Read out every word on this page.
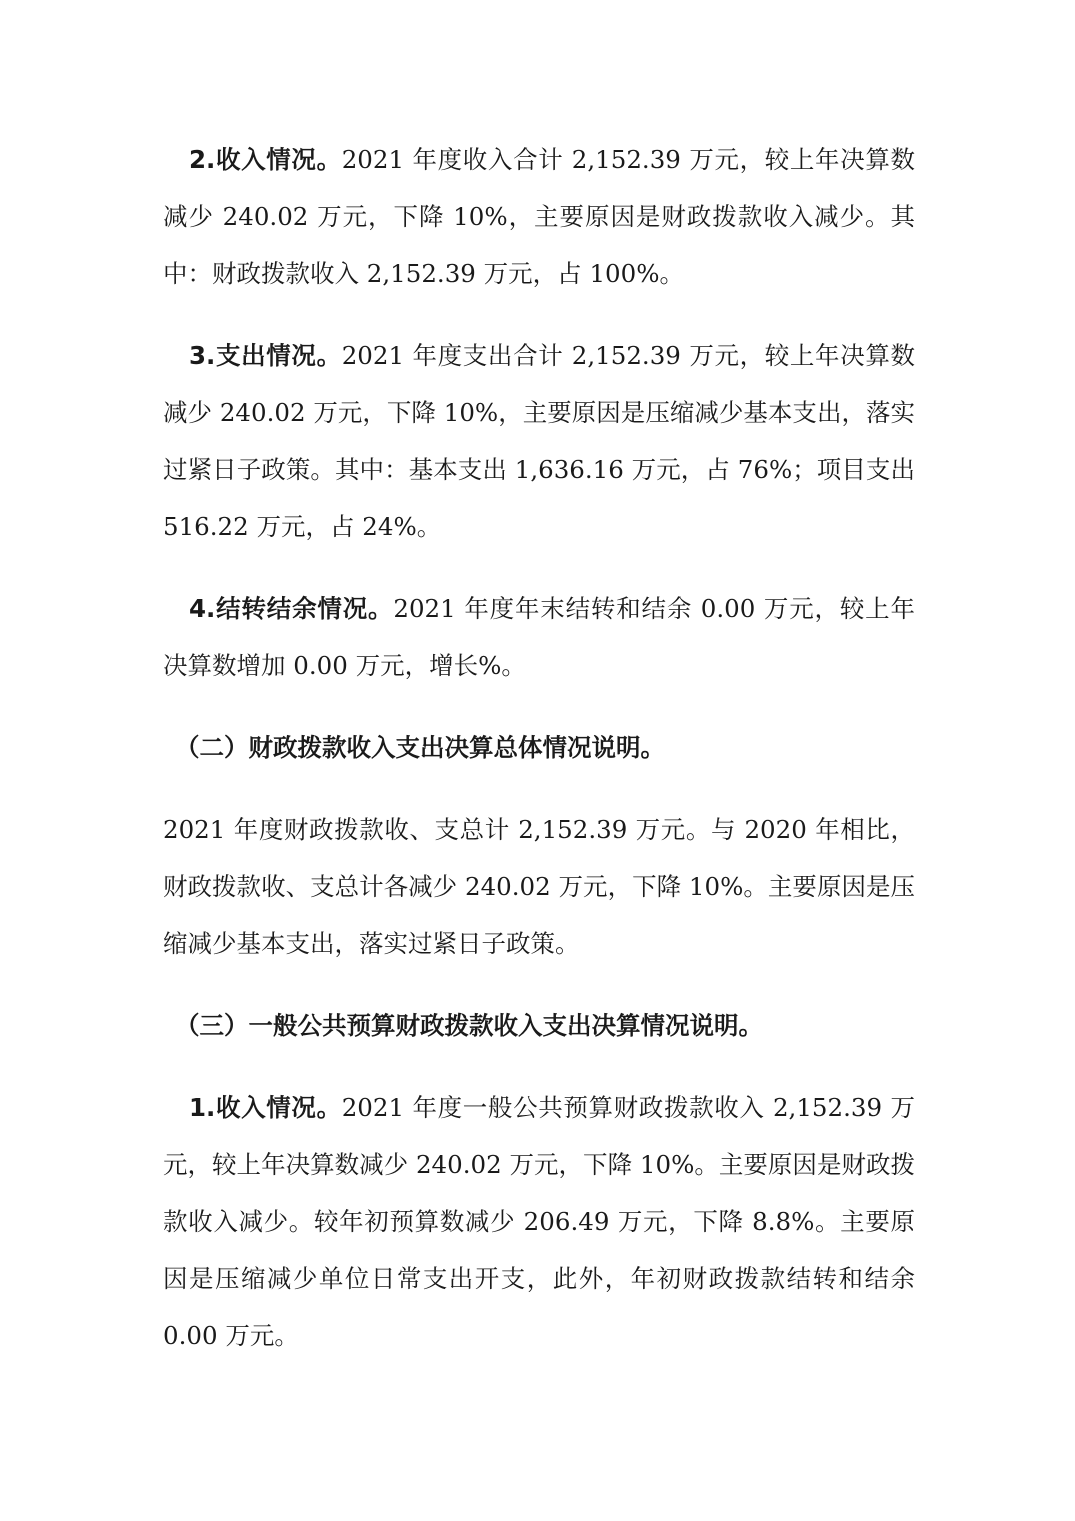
2.收入情况。2021 年度收入合计 2,152.39 万元，较上年决算数减少 240.02 万元，下降 10%，主要原因是财政拨款收入减少。其中：财政拨款收入 2,152.39 万元，占 100%。

3.支出情况。2021 年度支出合计 2,152.39 万元，较上年决算数减少 240.02 万元，下降 10%，主要原因是压缩减少基本支出，落实过紧日子政策。其中：基本支出 1,636.16 万元，占 76%；项目支出 516.22 万元，占 24%。

4.结转结余情况。2021 年度年末结转和结余 0.00 万元，较上年决算数增加 0.00 万元，增长%。

（二）财政拨款收入支出决算总体情况说明。

2021 年度财政拨款收、支总计 2,152.39 万元。与 2020 年相比，财政拨款收、支总计各减少 240.02 万元，下降 10%。主要原因是压缩减少基本支出，落实过紧日子政策。

（三）一般公共预算财政拨款收入支出决算情况说明。

1.收入情况。2021 年度一般公共预算财政拨款收入 2,152.39 万元，较上年决算数减少 240.02 万元，下降 10%。主要原因是财政拨款收入减少。较年初预算数减少 206.49 万元，下降 8.8%。主要原因是压缩减少单位日常支出开支，此外，年初财政拨款结转和结余 0.00 万元。
